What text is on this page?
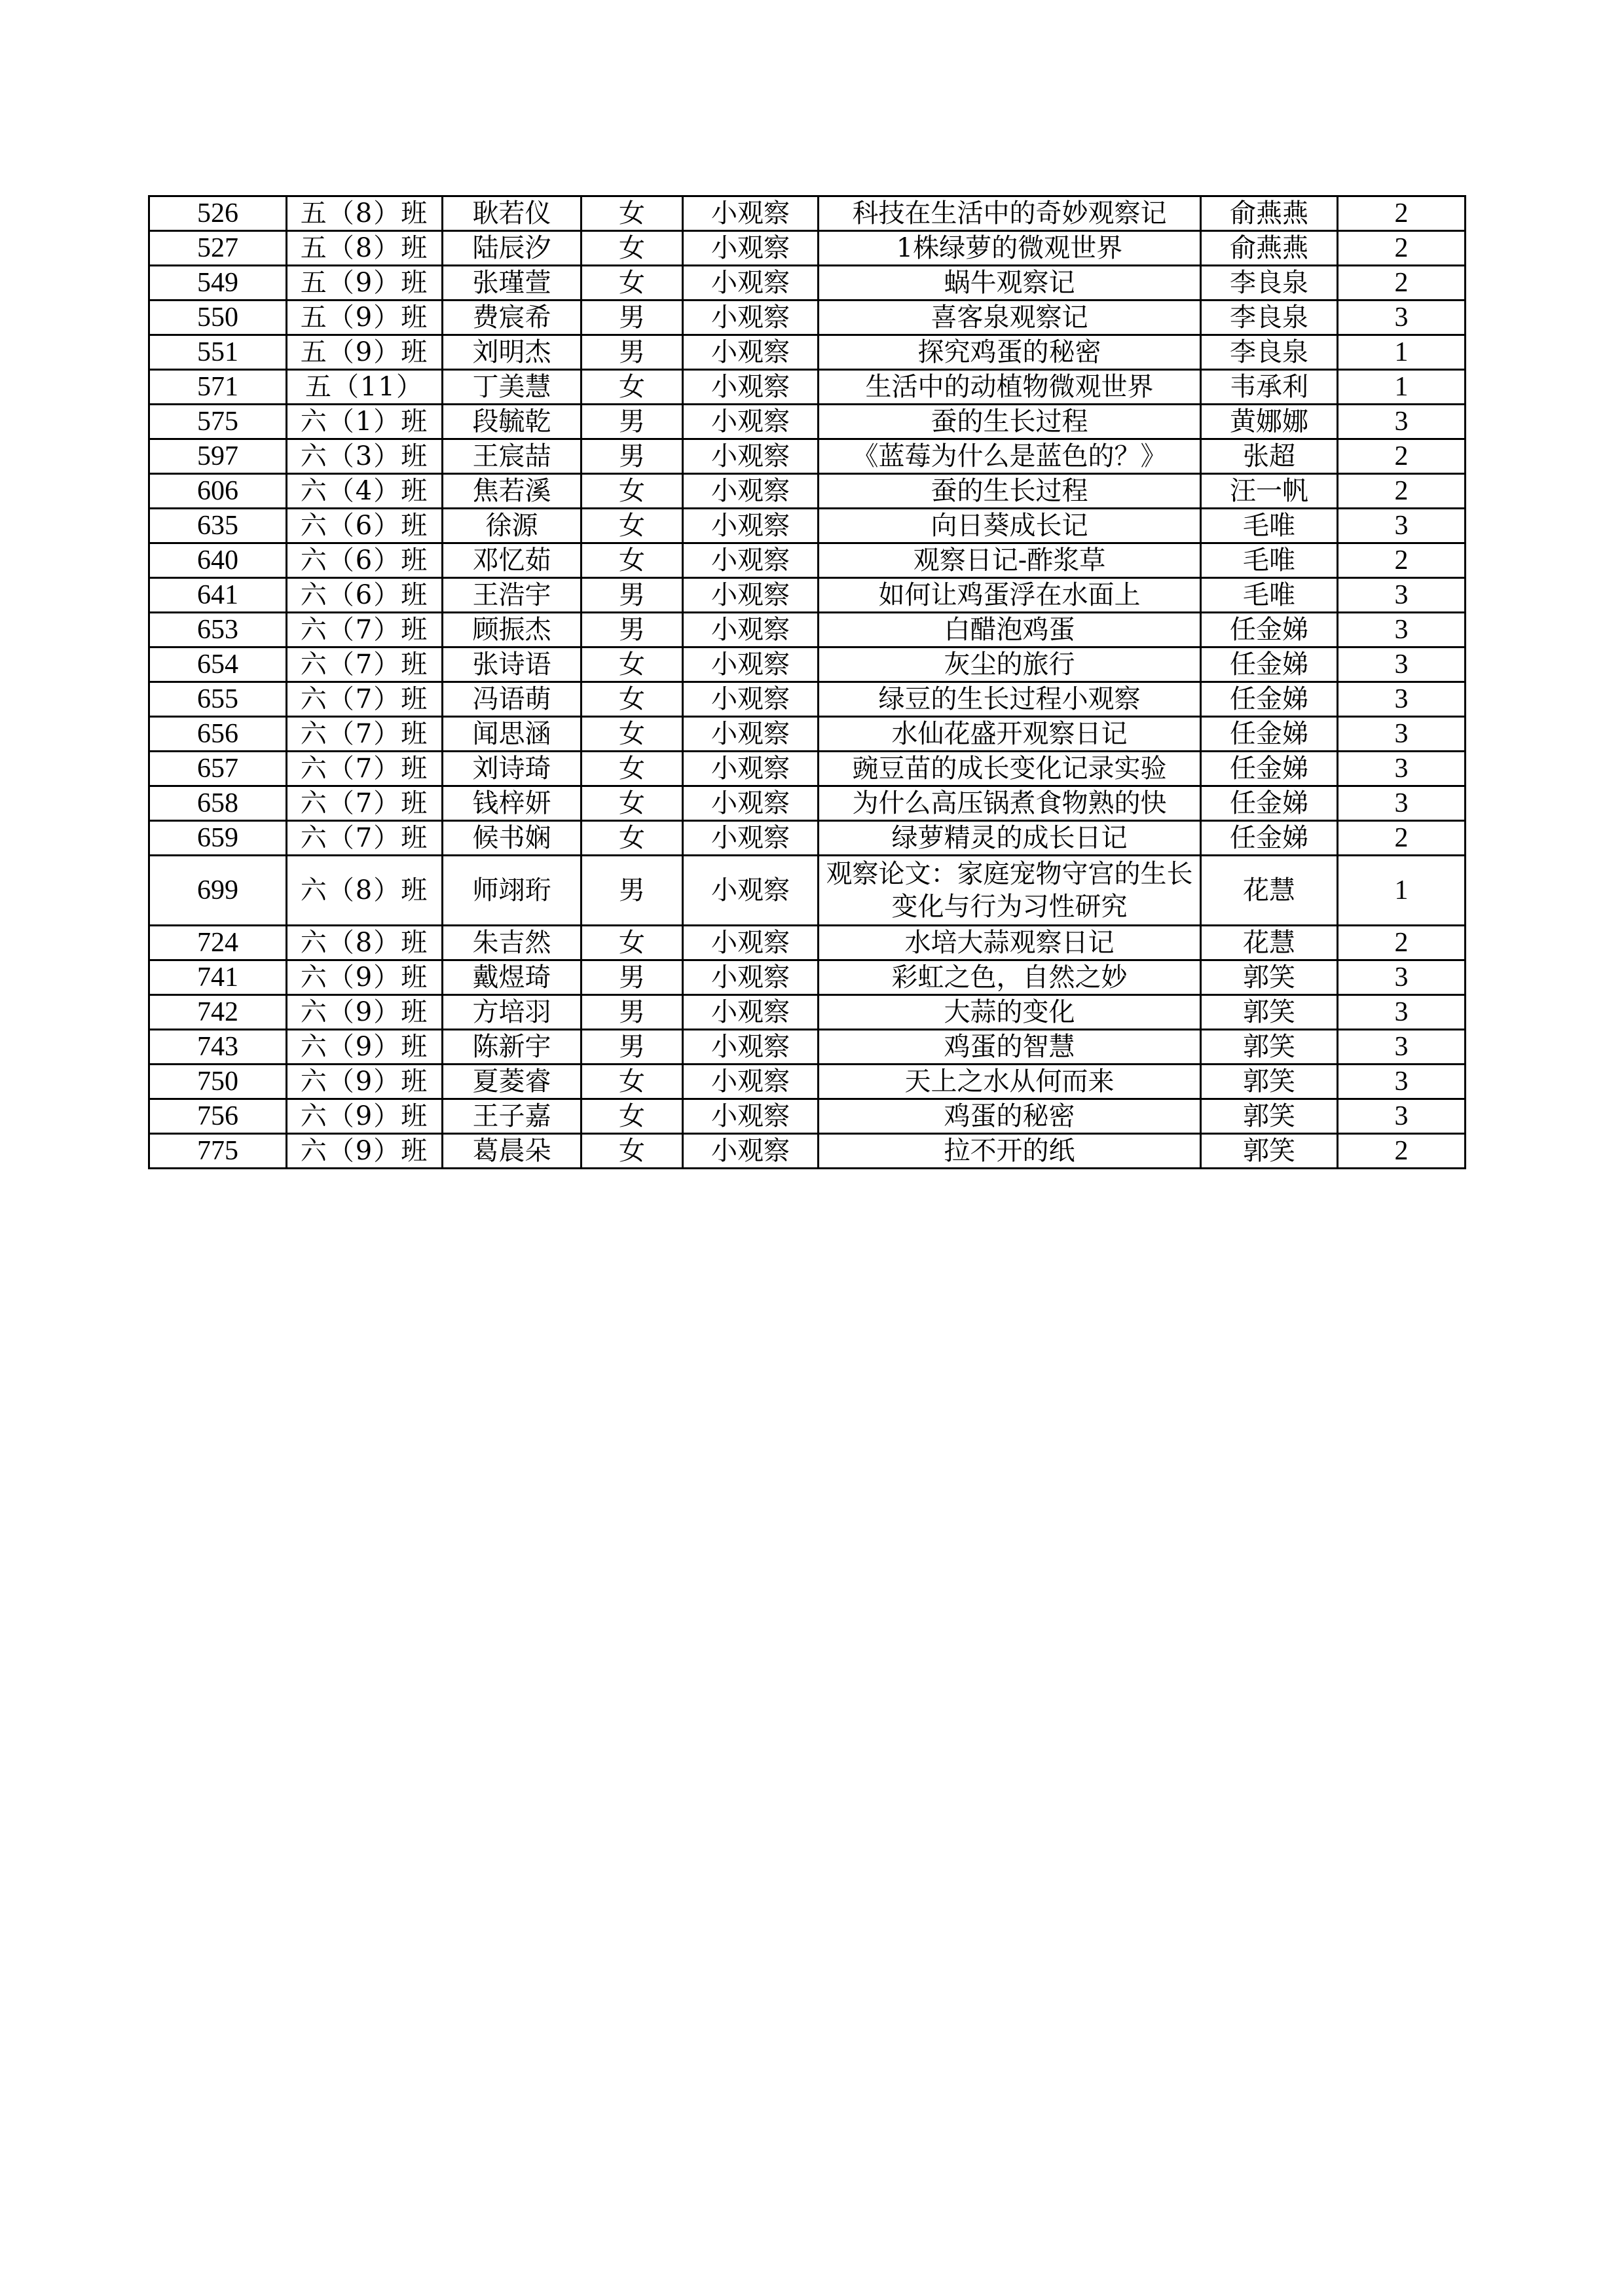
526	五（8）班	耿若仪	女	小观察	科技在生活中的奇妙观察记	俞燕燕	2
527	五（8）班	陆辰汐	女	小观察	1株绿萝的微观世界	俞燕燕	2
549	五（9）班	张瑾萱	女	小观察	蜗牛观察记	李良泉	2
550	五（9）班	费宸希	男	小观察	喜客泉观察记	李良泉	3
551	五（9）班	刘明杰	男	小观察	探究鸡蛋的秘密	李良泉	1
571	五（11）	丁美慧	女	小观察	生活中的动植物微观世界	韦承利	1
575	六（1）班	段毓乾	男	小观察	蚕的生长过程	黄娜娜	3
597	六（3）班	王宸喆	男	小观察	《蓝莓为什么是蓝色的？》	张超	2
606	六（4）班	焦若溪	女	小观察	蚕的生长过程	汪一帆	2
635	六（6）班	徐源	女	小观察	向日葵成长记	毛唯	3
640	六（6）班	邓忆茹	女	小观察	观察日记-酢浆草	毛唯	2
641	六（6）班	王浩宇	男	小观察	如何让鸡蛋浮在水面上	毛唯	3
653	六（7）班	顾振杰	男	小观察	白醋泡鸡蛋	任金娣	3
654	六（7）班	张诗语	女	小观察	灰尘的旅行	任金娣	3
655	六（7）班	冯语萌	女	小观察	绿豆的生长过程小观察	任金娣	3
656	六（7）班	闻思涵	女	小观察	水仙花盛开观察日记	任金娣	3
657	六（7）班	刘诗琦	女	小观察	豌豆苗的成长变化记录实验	任金娣	3
658	六（7）班	钱梓妍	女	小观察	为什么高压锅煮食物熟的快	任金娣	3
659	六（7）班	候书娴	女	小观察	绿萝精灵的成长日记	任金娣	2
699	六（8）班	师翊珩	男	小观察	观察论文：家庭宠物守宫的生长变化与行为习性研究	花慧	1
724	六（8）班	朱吉然	女	小观察	水培大蒜观察日记	花慧	2
741	六（9）班	戴煜琦	男	小观察	彩虹之色，自然之妙	郭笑	3
742	六（9）班	方培羽	男	小观察	大蒜的变化	郭笑	3
743	六（9）班	陈新宇	男	小观察	鸡蛋的智慧	郭笑	3
750	六（9）班	夏菱睿	女	小观察	天上之水从何而来	郭笑	3
756	六（9）班	王子嘉	女	小观察	鸡蛋的秘密	郭笑	3
775	六（9）班	葛晨朵	女	小观察	拉不开的纸	郭笑	2
